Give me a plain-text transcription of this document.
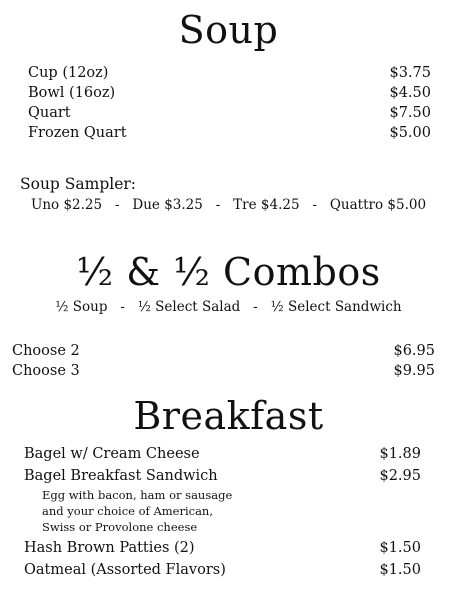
Soup
Cup (12oz)	$3.75
Bowl (16oz)	$4.50
Quart	$7.50
Frozen Quart	$5.00
Soup Sampler:
Uno $2.25   -   Due $3.25   -   Tre $4.25   -   Quattro $5.00
½ & ½ Combos
½ Soup   -   ½ Select Salad   -   ½ Select Sandwich
Choose 2	$6.95
Choose 3	$9.95
Breakfast
Bagel w/ Cream Cheese	$1.89
Bagel Breakfast Sandwich	$2.95
Egg with bacon, ham or sausage
and your choice of American,
Swiss or Provolone cheese
Hash Brown Patties (2)	$1.50
Oatmeal (Assorted Flavors)	$1.50
